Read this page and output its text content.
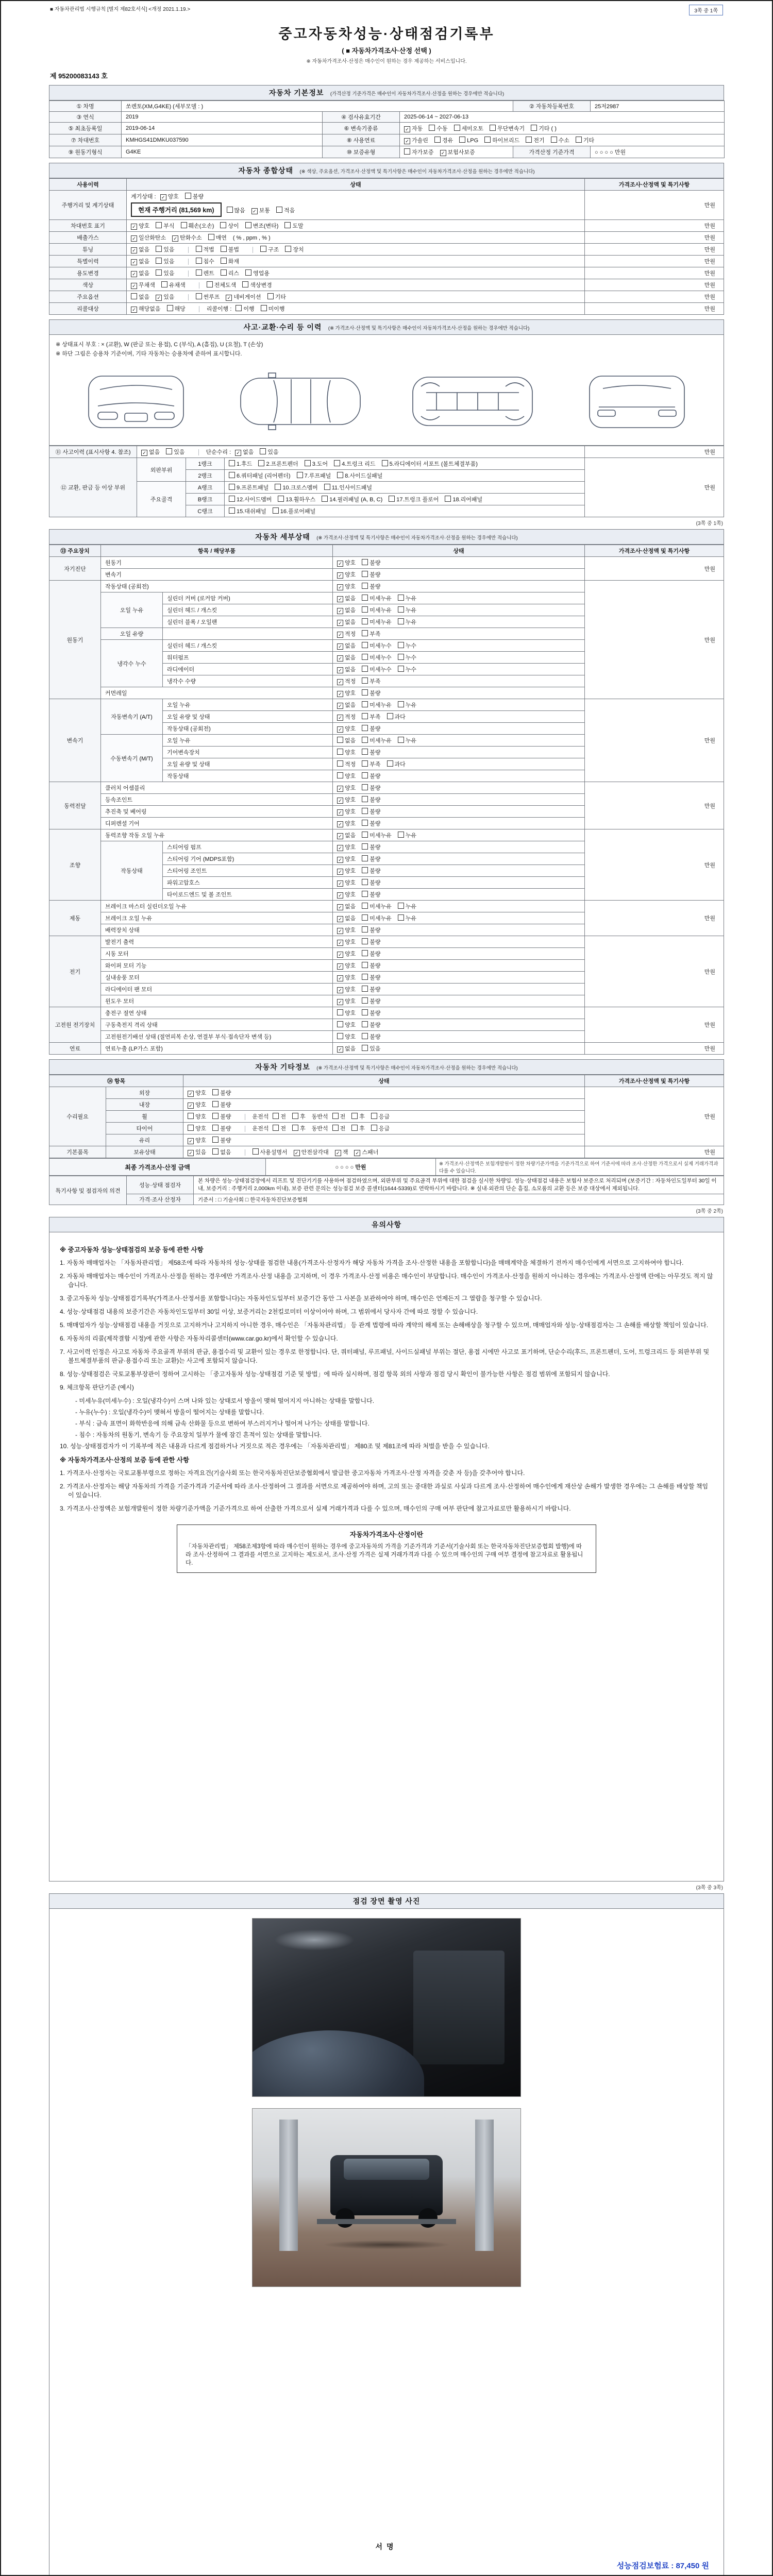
■ 자동차관리법 시행규칙 [별지 제82호서식] <개정 2021.1.19.>	3쪽 중 1쪽
중고자동차성능·상태점검기록부
( ■ 자동차가격조사·산정 선택 )
※ 자동차가격조사·산정은 매수인이 원하는 경우 제공하는 서비스입니다.
제 95200083143 호
자동차 기본정보 (가격산정 기준가격은 매수인이 자동차가격조사·산정을 원하는 경우에만 적습니다)
① 차명	쏘렌토(XM,G4KE) (세부모델 : )			② 자동차등록번호	25저2987
③ 연식	2019	④ 검사유효기간	2025-06-14 ~ 2027-06-13		
⑤ 최초등록일	2019-06-14	⑥ 변속기종류	✓ 자동 수동 세미오토 무단변속기 기타 ( )		
⑦ 차대번호	KMHGS41DMKU037590	⑧ 사용연료	✓ 가솔린 경유 LPG 하이브리드 전기 수소 기타		
⑨ 원동기형식	G4KE	⑩ 보증유형	자가보증 ✓ 보험사보증	가격산정 기준가격	○ ○ ○ ○ 만원
자동차 종합상태 (※ 색상, 주요옵션, 가격조사·산정액 및 특기사항은 매수인이 자동차가격조사·산정을 원하는 경우에만 적습니다)
사용이력	상태	가격조사·산정액 및 특기사항
주행거리 및 계기상태	계기상태 : ✓ 양호 불량
현재 주행거리 (81,569 km) 많음 ✓ 보통 적음	만원
차대번호 표기	✓ 양호 부식 훼손(오손) 상이 변조(변타) 도말	만원
배출가스	✓ 일산화탄소 ✓ 탄화수소 매연 ( % , ppm , % )	만원
튜닝	✓ 없음 있음 적법 불법 구조 장치	만원
특별이력	✓ 없음 있음 침수 화재	만원
용도변경	✓ 없음 있음 렌트 리스 영업용	만원
색상	✓ 무채색 유채색 전체도색 색상변경	만원
주요옵션	없음 ✓ 있음 썬루프 ✓ 네비게이션 기타	만원
리콜대상	✓ 해당없음 해당 리콜이행 : 이행 미이행	만원
사고·교환·수리 등 이력 (※ 가격조사·산정액 및 특기사항은 매수인이 자동차가격조사·산정을 원하는 경우에만 적습니다)
※ 상태표시 부호 : × (교환), W (판금 또는 용접), C (부식), A (흠집), U (요철), T (손상)
※ 하단 그림은 승용차 기준이며, 기타 자동차는 승용차에 준하여 표시합니다.
⑪ 사고이력 (표시사항 4. 참조)	✓ 없음 있음 단순수리 : ✓ 없음 있음			만원
⑫ 교환, 판금 등 이상 부위	외판부위	1랭크	1.후드 2.프론트펜더 3.도어 4.트렁크 리드 5.라디에이터 서포트 (볼트체결부품)	만원
		2랭크	6.쿼터패널 (리어펜더) 7.루프패널 8.사이드실패널	
	주요골격	A랭크	9.프론트패널 10.크로스멤버 11.인사이드패널	
		B랭크	12.사이드멤버 13.휠하우스 14.필러패널 (A, B, C) 17.트렁크 플로어 18.리어패널	
		C랭크	15.대쉬패널 16.플로어패널	
(3쪽 중 1쪽)
자동차 세부상태 (※ 가격조사·산정액 및 특기사항은 매수인이 자동차가격조사·산정을 원하는 경우에만 적습니다)
⑬ 주요장치	항목 / 해당부품		상태	가격조사·산정액 및 특기사항
자기진단	원동기		✓ 양호 불량	만원
	변속기		✓ 양호 불량	
원동기	작동상태 (공회전)		✓ 양호 불량	만원
	오일 누유	실린더 커버 (로커암 커버)	✓ 없음 미세누유 누유	
		실린더 헤드 / 개스킷	✓ 없음 미세누유 누유	
		실린더 블록 / 오일팬	✓ 없음 미세누유 누유	
	오일 유량		✓ 적정 부족	
	냉각수 누수	실린더 헤드 / 개스킷	✓ 없음 미세누수 누수	
		워터펌프	✓ 없음 미세누수 누수	
		라디에이터	✓ 없음 미세누수 누수	
		냉각수 수량	✓ 적정 부족	
	커먼레일		✓ 양호 불량	
변속기	자동변속기 (A/T)	오일 누유	✓ 없음 미세누유 누유	만원
		오일 유량 및 상태	✓ 적정 부족 과다	
		작동상태 (공회전)	✓ 양호 불량	
	수동변속기 (M/T)	오일 누유	없음 미세누유 누유	
		기어변속장치	양호 불량	
		오일 유량 및 상태	적정 부족 과다	
		작동상태	양호 불량	
동력전달	클러치 어셈블리		✓ 양호 불량	만원
	등속조인트		✓ 양호 불량	
	추진축 및 베어링		✓ 양호 불량	
	디퍼렌셜 기어		✓ 양호 불량	
조향	동력조향 작동 오일 누유		✓ 없음 미세누유 누유	만원
	작동상태	스티어링 펌프	✓ 양호 불량	
		스티어링 기어 (MDPS포함)	✓ 양호 불량	
		스티어링 조인트	✓ 양호 불량	
		파워고압호스	✓ 양호 불량	
		타이로드엔드 및 볼 조인트	✓ 양호 불량	
제동	브레이크 마스터 실린더오일 누유		✓ 없음 미세누유 누유	만원
	브레이크 오일 누유		✓ 없음 미세누유 누유	
	배력장치 상태		✓ 양호 불량	
전기	발전기 출력		✓ 양호 불량	만원
	시동 모터		✓ 양호 불량	
	와이퍼 모터 기능		✓ 양호 불량	
	실내송풍 모터		✓ 양호 불량	
	라디에이터 팬 모터		✓ 양호 불량	
	윈도우 모터		✓ 양호 불량	
고전원 전기장치	충전구 절연 상태		양호 불량	만원
	구동축전지 격리 상태		양호 불량	
	고전원전기배선 상태 (절연피복 손상, 연결부 부식·접속단자 변색 등)		양호 불량	
연료	연료누출 (LP가스 포함)		✓ 없음 있음	만원
자동차 기타정보 (※ 가격조사·산정액 및 특기사항은 매수인이 자동차가격조사·산정을 원하는 경우에만 적습니다)
⑭ 항목		상태	가격조사·산정액 및 특기사항
수리필요	외장	✓ 양호 불량	만원
	내장	✓ 양호 불량	
	휠	양호 불량 운전석 전 후 동반석 전 후 응급	
	타이어	양호 불량 운전석 전 후 동반석 전 후 응급	
	유리	✓ 양호 불량	
기본품목	보유상태	✓ 있음 없음 사용설명서 ✓ 안전삼각대 ✓ 잭 ✓ 스패너	만원
최종 가격조사·산정 금액	○ ○ ○ ○ 만원	※ 가격조사·산정액은 보험개발원이 정한 차량기준가액을 기준가격으로 하여 기준서에 따라 조사·산정한 가격으로서 실제 거래가격과 다를 수 있습니다.
특기사항 및 점검자의 의견	성능·상태 점검자	본 차량은 성능·상태점검장에서 리프트 및 진단기기를 사용하여 점검하였으며, 외판부위 및 주요골격 부위에 대한 점검을 실시한 차량임. 성능·상태점검 내용은 보험사 보증으로 처리되며 (보증기간 : 자동차인도일부터 30일 이내, 보증거리 : 주행거리 2,000km 이내), 보증 관련 문의는 성능점검 보증 콜센터(1644-5339)로 연락하시기 바랍니다. ※ 실내·외관의 단순 흠집, 소모품의 교환 등은 보증 대상에서 제외됩니다.
	가격·조사 산정자	기준서 : □ 기술사회 □ 한국자동차진단보증협회
(3쪽 중 2쪽)
유의사항
※ 중고자동차 성능·상태점검의 보증 등에 관한 사항

1. 자동차 매매업자는 「자동차관리법」 제58조에 따라 자동차의 성능·상태를 점검한 내용(가격조사·산정자가 해당 자동차 가격을 조사·산정한 내용을 포함합니다)을 매매계약을 체결하기 전까지 매수인에게 서면으로 고지하여야 합니다.

2. 자동차 매매업자는 매수인이 가격조사·산정을 원하는 경우에만 가격조사·산정 내용을 고지하며, 이 경우 가격조사·산정 비용은 매수인이 부담합니다. 매수인이 가격조사·산정을 원하지 아니하는 경우에는 가격조사·산정액 란에는 아무것도 적지 않습니다.

3. 중고자동차 성능·상태점검기록부(가격조사·산정서를 포함합니다)는 자동차인도일부터 보증기간 동안 그 사본을 보관하여야 하며, 매수인은 언제든지 그 열람을 청구할 수 있습니다.

4. 성능·상태점검 내용의 보증기간은 자동차인도일부터 30일 이상, 보증거리는 2천킬로미터 이상이어야 하며, 그 범위에서 당사자 간에 따로 정할 수 있습니다.

5. 매매업자가 성능·상태점검 내용을 거짓으로 고지하거나 고지하지 아니한 경우, 매수인은 「자동차관리법」 등 관계 법령에 따라 계약의 해제 또는 손해배상을 청구할 수 있으며, 매매업자와 성능·상태점검자는 그 손해를 배상할 책임이 있습니다.

6. 자동차의 리콜(제작결함 시정)에 관한 사항은 자동차리콜센터(www.car.go.kr)에서 확인할 수 있습니다.

7. 사고이력 인정은 사고로 자동차 주요골격 부위의 판금, 용접수리 및 교환이 있는 경우로 한정합니다. 단, 쿼터패널, 루프패널, 사이드실패널 부위는 절단, 용접 시에만 사고로 표기하며, 단순수리(후드, 프론트펜더, 도어, 트렁크리드 등 외판부위 및 볼트체결부품의 판금·용접수리 또는 교환)는 사고에 포함되지 않습니다.

8. 성능·상태점검은 국토교통부장관이 정하여 고시하는 「중고자동차 성능·상태점검 기준 및 방법」에 따라 실시하며, 점검 항목 외의 사항과 점검 당시 확인이 불가능한 사항은 점검 범위에 포함되지 않습니다.

9. 체크항목 판단기준 (예시)

- 미세누유(미세누수) : 오일(냉각수)이 스며 나와 있는 상태로서 방울이 맺혀 떨어지지 아니하는 상태를 말합니다.

- 누유(누수) : 오일(냉각수)이 맺혀서 방울이 떨어지는 상태를 말합니다.

- 부식 : 금속 표면이 화학반응에 의해 금속 산화물 등으로 변하여 부스러지거나 떨어져 나가는 상태를 말합니다.

- 침수 : 자동차의 원동기, 변속기 등 주요장치 일부가 물에 잠긴 흔적이 있는 상태를 말합니다.

10. 성능·상태점검자가 이 기록부에 적은 내용과 다르게 점검하거나 거짓으로 적은 경우에는 「자동차관리법」 제80조 및 제81조에 따라 처벌을 받을 수 있습니다.

※ 자동차가격조사·산정의 보증 등에 관한 사항

1. 가격조사·산정자는 국토교통부령으로 정하는 자격요건(기술사회 또는 한국자동차진단보증협회에서 발급한 중고자동차 가격조사·산정 자격을 갖춘 자 등)을 갖추어야 합니다.

2. 가격조사·산정자는 해당 자동차의 가격을 기준가격과 기준서에 따라 조사·산정하여 그 결과를 서면으로 제공하여야 하며, 고의 또는 중대한 과실로 사실과 다르게 조사·산정하여 매수인에게 재산상 손해가 발생한 경우에는 그 손해를 배상할 책임이 있습니다.

3. 가격조사·산정액은 보험개발원이 정한 차량기준가액을 기준가격으로 하여 산출한 가격으로서 실제 거래가격과 다를 수 있으며, 매수인의 구매 여부 판단에 참고자료로만 활용하시기 바랍니다.

자동차가격조사·산정이란
「자동차관리법」 제58조제3항에 따라 매수인이 원하는 경우에 중고자동차의 가격을 기준가격과 기준서(기술사회 또는 한국자동차진단보증협회 발행)에 따라 조사·산정하여 그 결과를 서면으로 고지하는 제도로서, 조사·산정 가격은 실제 거래가격과 다를 수 있으며 매수인의 구매 여부 결정에 참고자료로 활용됩니다.
(3쪽 중 3쪽)
점검 장면 촬영 사진
서명
성능점검보험료 : 87,450 원
